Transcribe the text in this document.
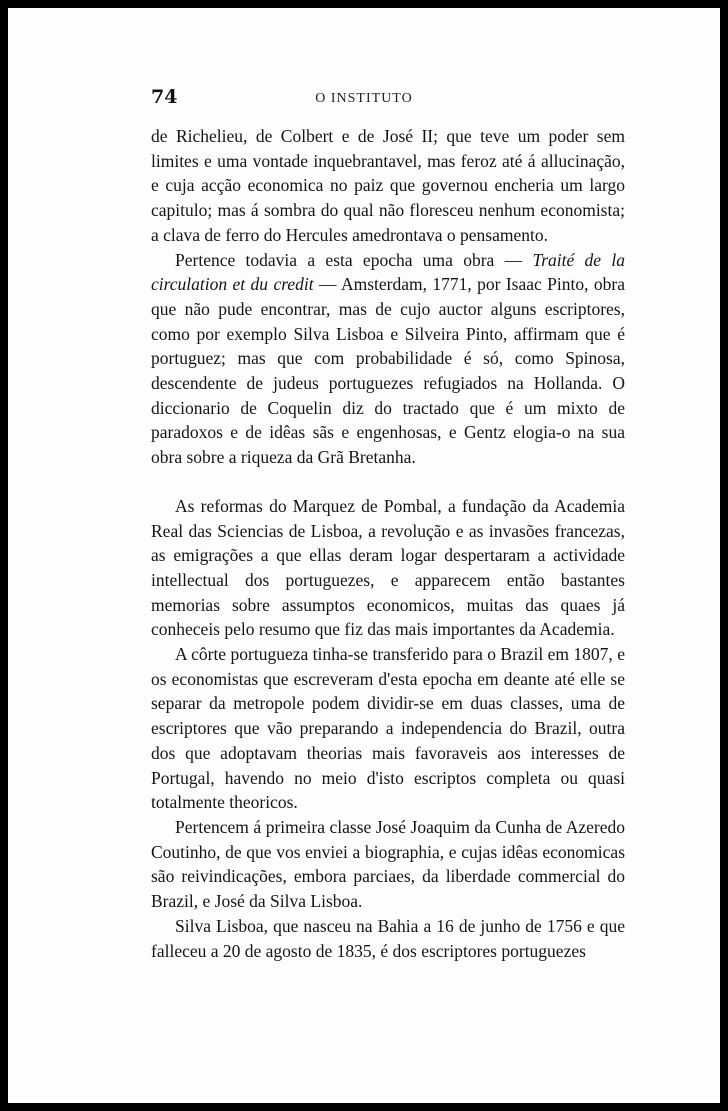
74	O INSTITUTO

de Richelieu, de Colbert e de José II; que teve um poder sem limites e uma vontade inquebrantavel, mas feroz até á allucinação, e cuja acção economica no paiz que governou encheria um largo capitulo; mas á sombra do qual não floresceu nenhum economista; a clava de ferro do Hercules amedrontava o pensamento.

Pertence todavia a esta epocha uma obra — Traité de la circulation et du credit — Amsterdam, 1771, por Isaac Pinto, obra que não pude encontrar, mas de cujo auctor alguns escriptores, como por exemplo Silva Lisboa e Silveira Pinto, affirmam que é portuguez; mas que com probabilidade é só, como Spinosa, descendente de judeus portuguezes refugiados na Hollanda. O diccionario de Coquelin diz do tractado que é um mixto de paradoxos e de idêas sãs e engenhosas, e Gentz elogia-o na sua obra sobre a riqueza da Grã Bretanha.

As reformas do Marquez de Pombal, a fundação da Academia Real das Sciencias de Lisboa, a revolução e as invasões francezas, as emigrações a que ellas deram logar despertaram a actividade intellectual dos portuguezes, e apparecem então bastantes memorias sobre assumptos economicos, muitas das quaes já conheceis pelo resumo que fiz das mais importantes da Academia.

A côrte portugueza tinha-se transferido para o Brazil em 1807, e os economistas que escreveram d'esta epocha em deante até elle se separar da metropole podem dividir-se em duas classes, uma de escriptores que vão preparando a independencia do Brazil, outra dos que adoptavam theorias mais favoraveis aos interesses de Portugal, havendo no meio d'isto escriptos completa ou quasi totalmente theoricos.

Pertencem á primeira classe José Joaquim da Cunha de Azeredo Coutinho, de que vos enviei a biographia, e cujas idêas economicas são reivindicações, embora parciaes, da liberdade commercial do Brazil, e José da Silva Lisboa.

Silva Lisboa, que nasceu na Bahia a 16 de junho de 1756 e que falleceu a 20 de agosto de 1835, é dos escriptores portuguezes
